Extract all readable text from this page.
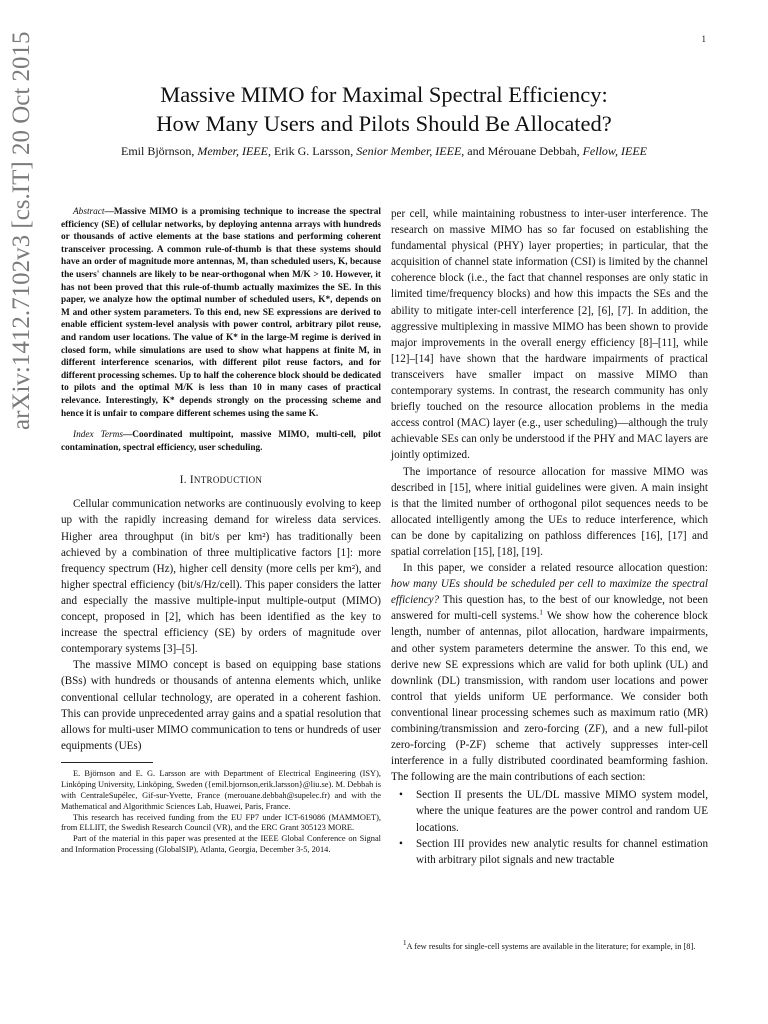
1
Massive MIMO for Maximal Spectral Efficiency:
How Many Users and Pilots Should Be Allocated?
Emil Björnson, Member, IEEE, Erik G. Larsson, Senior Member, IEEE, and Mérouane Debbah, Fellow, IEEE
arXiv:1412.7102v3 [cs.IT] 20 Oct 2015	Abstract—Massive MIMO is a promising technique to increase the spectral efficiency (SE) of cellular networks, by deploying antenna arrays with hundreds or thousands of active elements at the base stations and performing coherent transceiver processing. A common rule-of-thumb is that these systems should have an order of magnitude more antennas, M, than scheduled users, K, because the users' channels are likely to be near-orthogonal when M/K > 10. However, it has not been proved that this rule-of-thumb actually maximizes the SE. In this paper, we analyze how the optimal number of scheduled users, K*, depends on M and other system parameters. To this end, new SE expressions are derived to enable efficient system-level analysis with power control, arbitrary pilot reuse, and random user locations. The value of K* in the large-M regime is derived in closed form, while simulations are used to show what happens at finite M, in different interference scenarios, with different pilot reuse factors, and for different processing schemes. Up to half the coherence block should be dedicated to pilots and the optimal M/K is less than 10 in many cases of practical relevance. Interestingly, K* depends strongly on the processing scheme and hence it is unfair to compare different schemes using the same K.

Index Terms—Coordinated multipoint, massive MIMO, multi-cell, pilot contamination, spectral efficiency, user scheduling.

I. INTRODUCTION

Cellular communication networks are continuously evolving to keep up with the rapidly increasing demand for wireless data services. Higher area throughput (in bit/s per km²) has traditionally been achieved by a combination of three multiplicative factors [1]: more frequency spectrum (Hz), higher cell density (more cells per km²), and higher spectral efficiency (bit/s/Hz/cell). This paper considers the latter and especially the massive multiple-input multiple-output (MIMO) concept, proposed in [2], which has been identified as the key to increase the spectral efficiency (SE) by orders of magnitude over contemporary systems [3]–[5].

The massive MIMO concept is based on equipping base stations (BSs) with hundreds or thousands of antenna elements which, unlike conventional cellular technology, are operated in a coherent fashion. This can provide unprecedented array gains and a spatial resolution that allows for multi-user MIMO communication to tens or hundreds of user equipments (UEs)

E. Björnson and E. G. Larsson are with Department of Electrical Engineering (ISY), Linköping University, Linköping, Sweden ({emil.bjornson,erik.larsson}@liu.se). M. Debbah is with CentraleSupélec, Gif-sur-Yvette, France (merouane.debbah@supelec.fr) and with the Mathematical and Algorithmic Sciences Lab, Huawei, Paris, France.

This research has received funding from the EU FP7 under ICT-619086 (MAMMOET), from ELLIIT, the Swedish Research Council (VR), and the ERC Grant 305123 MORE.

Part of the material in this paper was presented at the IEEE Global Conference on Signal and Information Processing (GlobalSIP), Atlanta, Georgia, December 3-5, 2014.

per cell, while maintaining robustness to inter-user interference. The research on massive MIMO has so far focused on establishing the fundamental physical (PHY) layer properties; in particular, that the acquisition of channel state information (CSI) is limited by the channel coherence block (i.e., the fact that channel responses are only static in limited time/frequency blocks) and how this impacts the SEs and the ability to mitigate inter-cell interference [2], [6], [7]. In addition, the aggressive multiplexing in massive MIMO has been shown to provide major improvements in the overall energy efficiency [8]–[11], while [12]–[14] have shown that the hardware impairments of practical transceivers have smaller impact on massive MIMO than contemporary systems. In contrast, the research community has only briefly touched on the resource allocation problems in the media access control (MAC) layer (e.g., user scheduling)—although the truly achievable SEs can only be understood if the PHY and MAC layers are jointly optimized.

The importance of resource allocation for massive MIMO was described in [15], where initial guidelines were given. A main insight is that the limited number of orthogonal pilot sequences needs to be allocated intelligently among the UEs to reduce interference, which can be done by capitalizing on pathloss differences [16], [17] and spatial correlation [15], [18], [19].

In this paper, we consider a related resource allocation question: how many UEs should be scheduled per cell to maximize the spectral efficiency? This question has, to the best of our knowledge, not been answered for multi-cell systems.$^1$ We show how the coherence block length, number of antennas, pilot allocation, hardware impairments, and other system parameters determine the answer. To this end, we derive new SE expressions which are valid for both uplink (UL) and downlink (DL) transmission, with random user locations and power control that yields uniform UE performance. We consider both conventional linear processing schemes such as maximum ratio (MR) combining/transmission and zero-forcing (ZF), and a new full-pilot zero-forcing (P-ZF) scheme that actively suppresses inter-cell interference in a fully distributed coordinated beamforming fashion. The following are the main contributions of each section:

• Section II presents the UL/DL massive MIMO system model, where the unique features are the power control and random UE locations.
• Section III provides new analytic results for channel estimation with arbitrary pilot signals and new tractable

$^1$A few results for single-cell systems are available in the literature; for example, in [8].
